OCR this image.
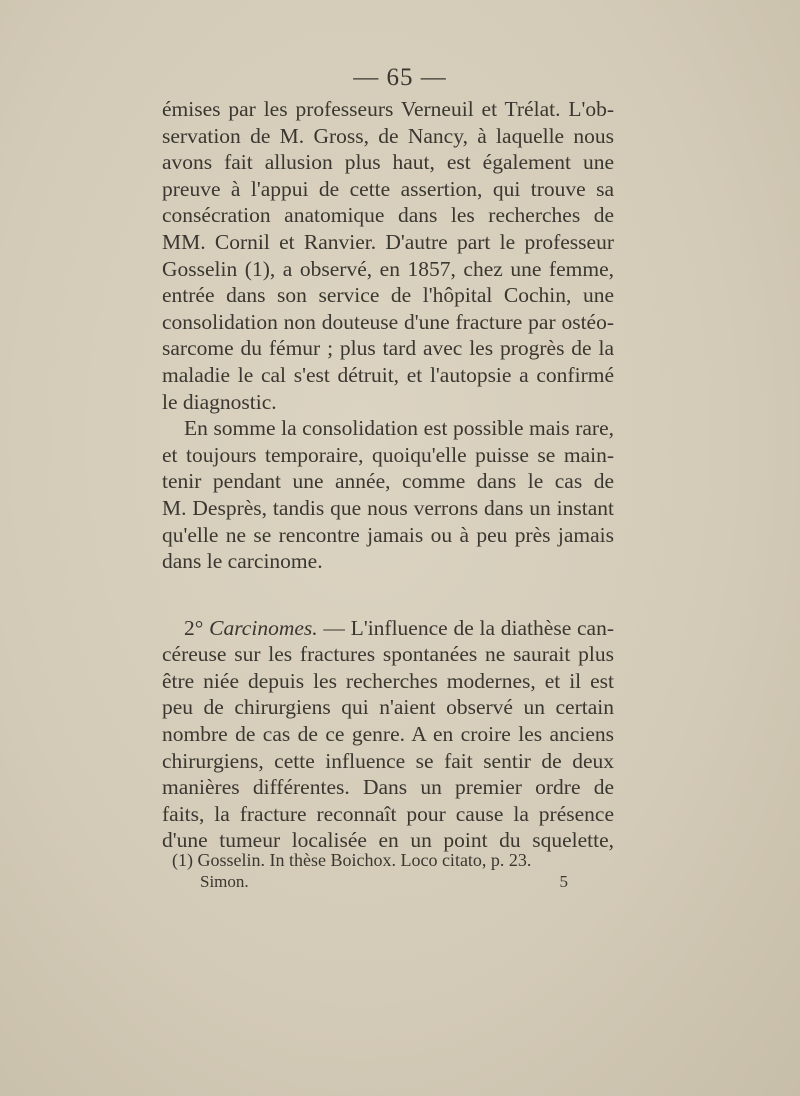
— 65 —
émises par les professeurs Verneuil et Trélat. L'ob-
servation de M. Gross, de Nancy, à laquelle nous
avons fait allusion plus haut, est également une
preuve à l'appui de cette assertion, qui trouve sa
consécration anatomique dans les recherches de
MM. Cornil et Ranvier. D'autre part le professeur
Gosselin (1), a observé, en 1857, chez une femme,
entrée dans son service de l'hôpital Cochin, une
consolidation non douteuse d'une fracture par ostéo-
sarcome du fémur ; plus tard avec les progrès de la
maladie le cal s'est détruit, et l'autopsie a confirmé
le diagnostic.
En somme la consolidation est possible mais rare,
et toujours temporaire, quoiqu'elle puisse se main-
tenir pendant une année, comme dans le cas de
M. Desprès, tandis que nous verrons dans un instant
qu'elle ne se rencontre jamais ou à peu près jamais
dans le carcinome.
2° Carcinomes. — L'influence de la diathèse can-
céreuse sur les fractures spontanées ne saurait plus
être niée depuis les recherches modernes, et il est
peu de chirurgiens qui n'aient observé un certain
nombre de cas de ce genre. A en croire les anciens
chirurgiens, cette influence se fait sentir de deux
manières différentes. Dans un premier ordre de
faits, la fracture reconnaît pour cause la présence
d'une tumeur localisée en un point du squelette,
(1) Gosselin. In thèse Boichox. Loco citato, p. 23.
Simon.	5
